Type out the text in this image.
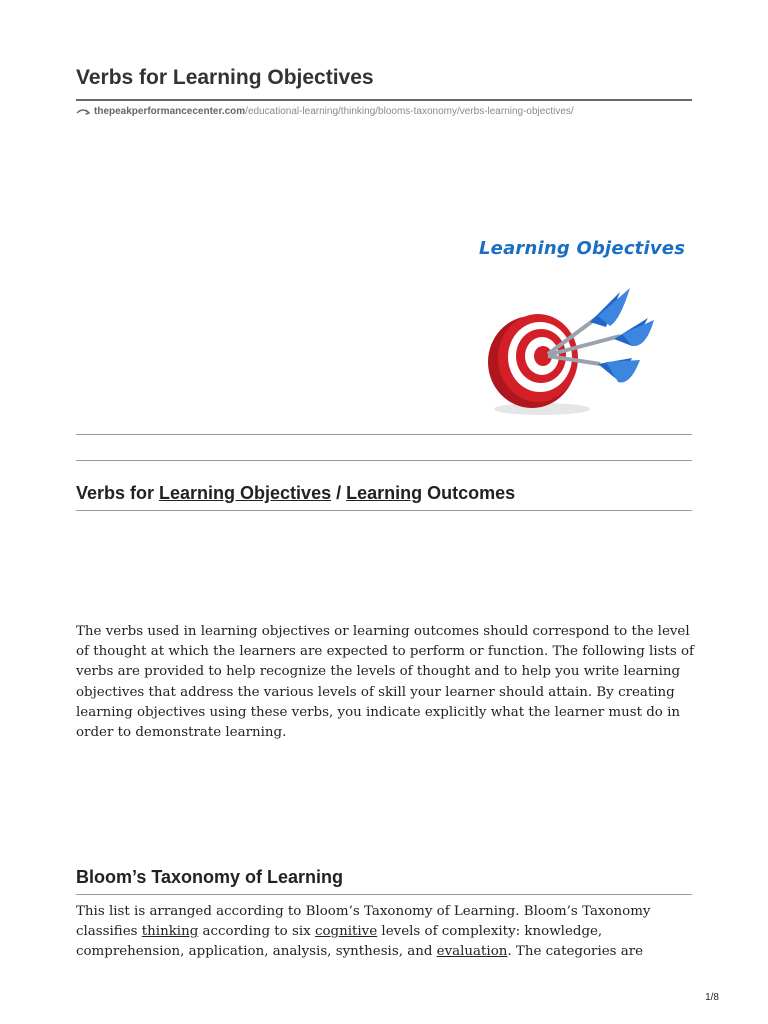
Verbs for Learning Objectives
thepeakperformancecenter.com /educational-learning/thinking/blooms-taxonomy/verbs-learning-objectives/
Learning Objectives
Verbs for Learning Objectives / Learning Outcomes
The verbs used in learning objectives or learning outcomes should correspond to the level of thought at which the learners are expected to perform or function. The following lists of verbs are provided to help recognize the levels of thought and to help you write learning objectives that address the various levels of skill your learner should attain. By creating learning objectives using these verbs, you indicate explicitly what the learner must do in order to demonstrate learning.
Bloom’s Taxonomy of Learning
This list is arranged according to Bloom’s Taxonomy of Learning. Bloom’s Taxonomy classifies thinking according to six cognitive levels of complexity: knowledge, comprehension, application, analysis, synthesis, and evaluation. The categories are
1/8
